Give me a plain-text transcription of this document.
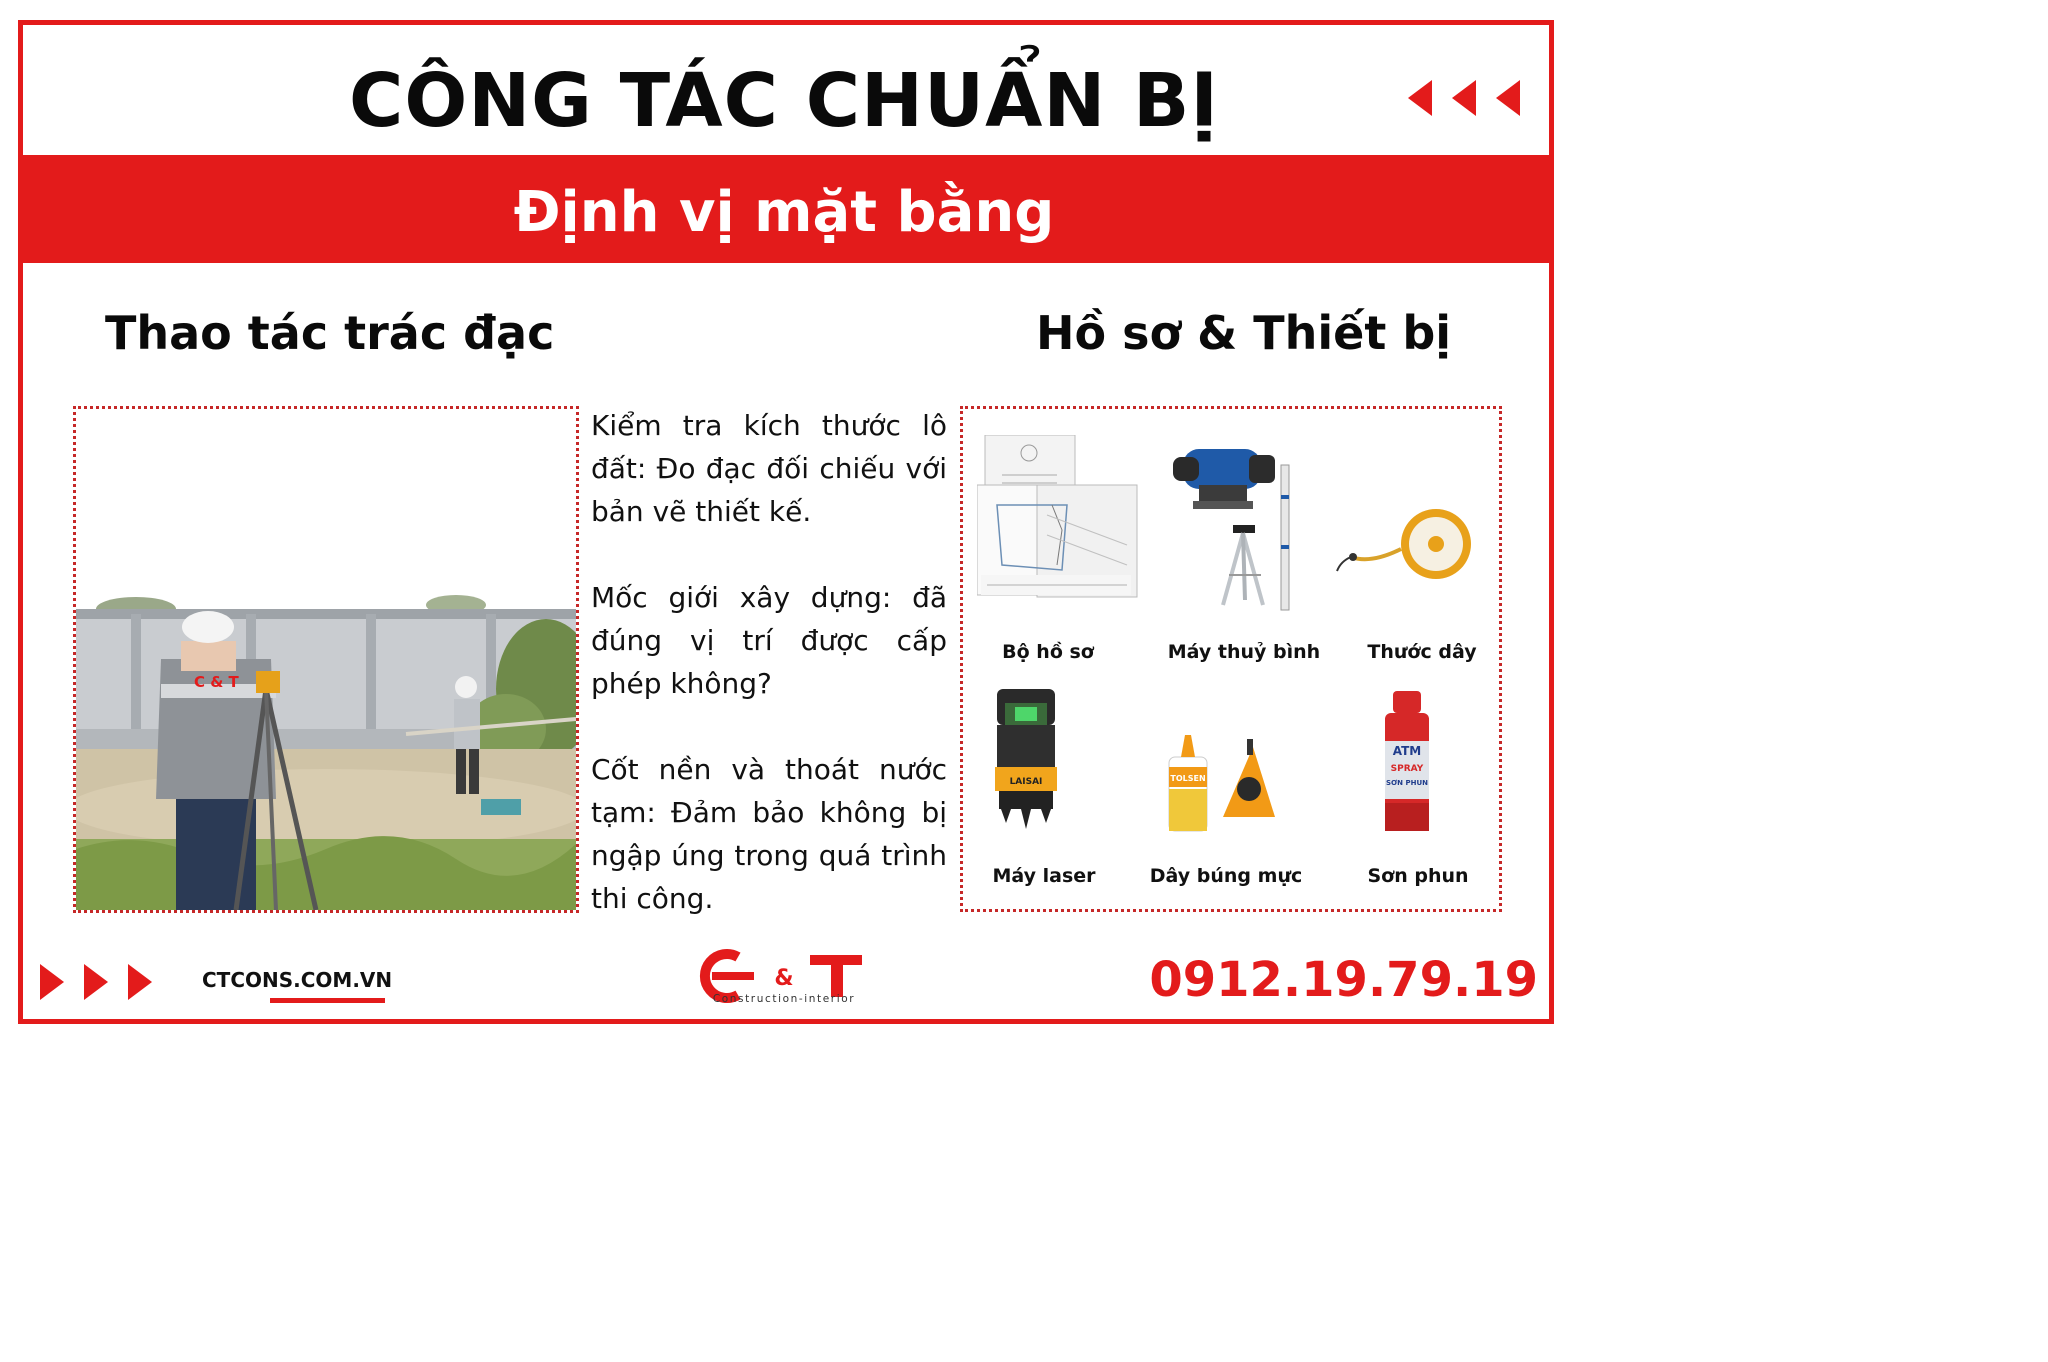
CÔNG TÁC CHUẨN BỊ
Định vị mặt bằng
Thao tác trác đạc	Hồ sơ & Thiết bị
C & T

Kiểm tra kích thước lô đất: Đo đạc đối chiếu với bản vẽ thiết kế.

Mốc giới xây dựng: đã đúng vị trí được cấp phép không?

Cốt nền và thoát nước tạm: Đảm bảo không bị ngập úng trong quá trình thi công.

Bộ hồ sơ	Máy thuỷ bình	Thước dây
LAISAI
Máy laser
TOLSEN
Dây búng mực
ATM
SPRAY
SƠN PHUN
Sơn phun
CTCONS.COM.VN	&
Construction-interior	0912.19.79.19
